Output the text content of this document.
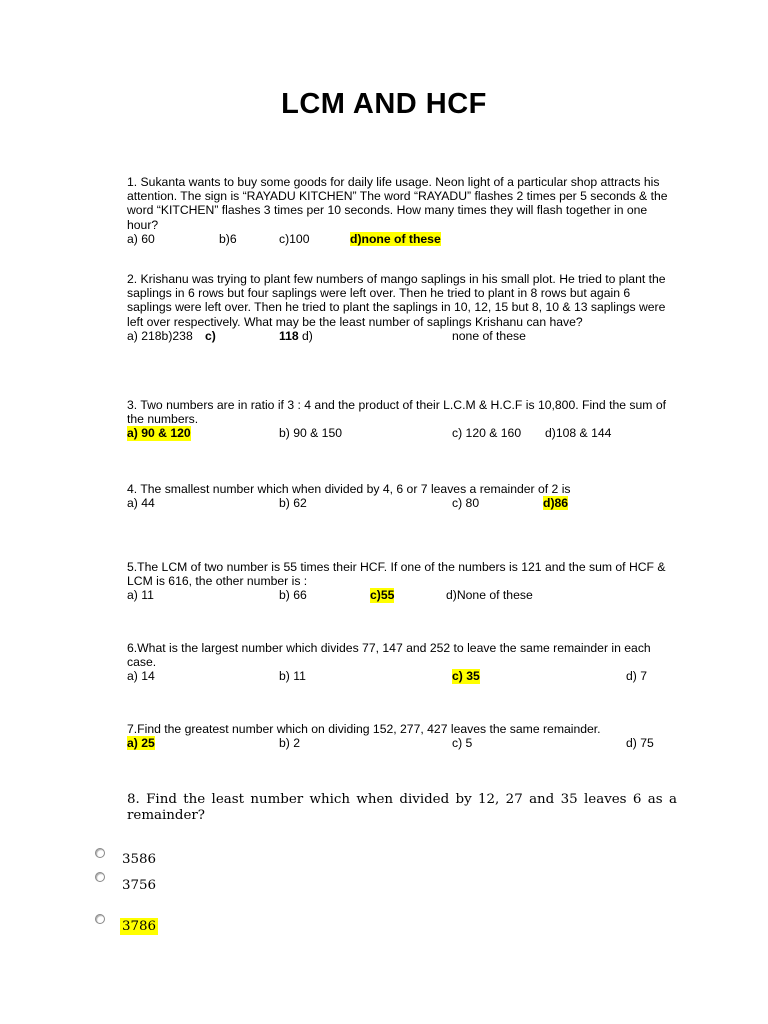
LCM AND HCF

1. Sukanta wants to buy some goods for daily life usage. Neon light of a particular shop attracts his attention. The sign is “RAYADU KITCHEN” The word “RAYADU” flashes 2 times per 5 seconds & the word “KITCHEN” flashes 3 times per 10 seconds. How many times they will flash together in one hour?

a) 60	b)6	c)100	d)none of these

2. Krishanu was trying to plant few numbers of mango saplings in his small plot. He tried to plant the saplings in 6 rows but four saplings were left over. Then he tried to plant in 8 rows but again 6 saplings were left over. Then he tried to plant the saplings in 10, 12, 15 but 8, 10 & 13 saplings were left over respectively. What may be the least number of saplings Krishanu can have?

a) 218b)238 c)	118 d)	none of these

3. Two numbers are in ratio if 3 : 4 and the product of their L.C.M & H.C.F is 10,800. Find the sum of the numbers.

a) 90 & 120	b) 90 & 150	c) 120 & 160 d)108 & 144

4. The smallest number which when divided by 4, 6 or 7 leaves a remainder of 2 is

a) 44	b) 62	c) 80	d)86

5.The LCM of two number is 55 times their HCF. If one of the numbers is 121 and the sum of HCF & LCM is 616, the other number is :

a) 11	b) 66	c)55	d)None of these

6.What is the largest number which divides 77, 147 and 252 to leave the same remainder in each case.

a) 14	b) 11	c) 35	d) 7

7.Find the greatest number which on dividing 152, 277, 427 leaves the same remainder.

a) 25	b) 2	c) 5	d) 75
8. Find the least number which when divided by 12, 27 and 35 leaves 6 as a remainder?
3586
3756
3786
